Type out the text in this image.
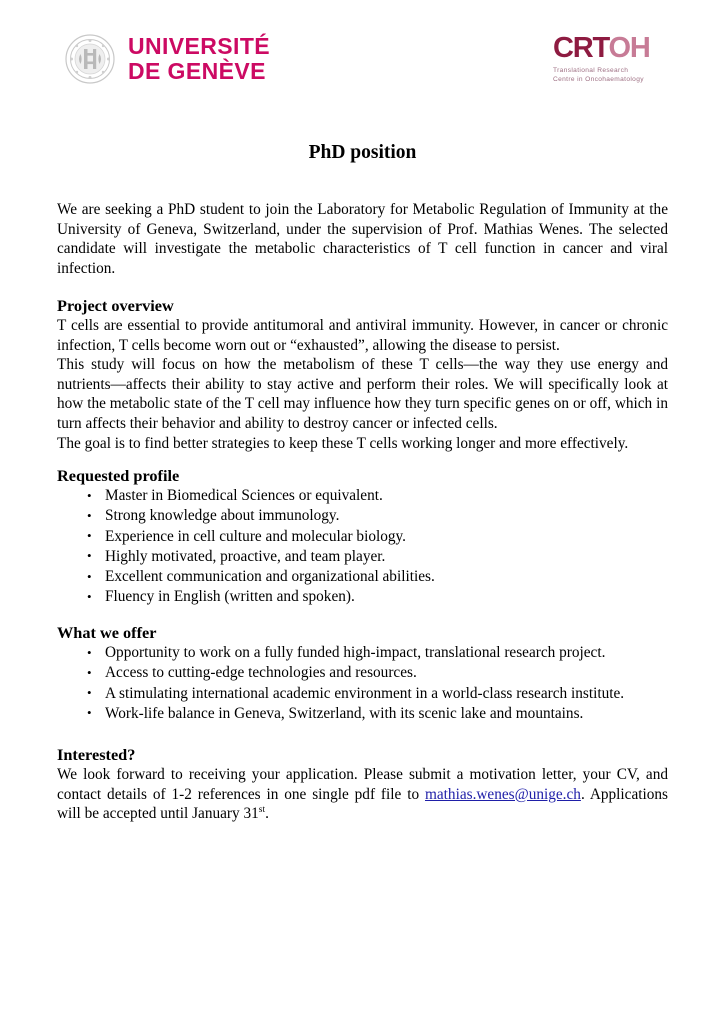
UNIVERSITÉ
DE GENÈVE
CRTOH
Translational Research
Centre in Oncohaematology
PhD position

We are seeking a PhD student to join the Laboratory for Metabolic Regulation of Immunity at the University of Geneva, Switzerland, under the supervision of Prof. Mathias Wenes. The selected candidate will investigate the metabolic characteristics of T cell function in cancer and viral infection.

Project overview

T cells are essential to provide antitumoral and antiviral immunity. However, in cancer or chronic infection, T cells become worn out or “exhausted”, allowing the disease to persist.

This study will focus on how the metabolism of these T cells—the way they use energy and nutrients—affects their ability to stay active and perform their roles. We will specifically look at how the metabolic state of the T cell may influence how they turn specific genes on or off, which in turn affects their behavior and ability to destroy cancer or infected cells.

The goal is to find better strategies to keep these T cells working longer and more effectively.

Requested profile
• Master in Biomedical Sciences or equivalent.
• Strong knowledge about immunology.
• Experience in cell culture and molecular biology.
• Highly motivated, proactive, and team player.
• Excellent communication and organizational abilities.
• Fluency in English (written and spoken).
What we offer
• Opportunity to work on a fully funded high-impact, translational research project.
• Access to cutting-edge technologies and resources.
• A stimulating international academic environment in a world-class research institute.
• Work-life balance in Geneva, Switzerland, with its scenic lake and mountains.
Interested?

We look forward to receiving your application. Please submit a motivation letter, your CV, and contact details of 1-2 references in one single pdf file to mathias.wenes@unige.ch. Applications will be accepted until January 31st.
